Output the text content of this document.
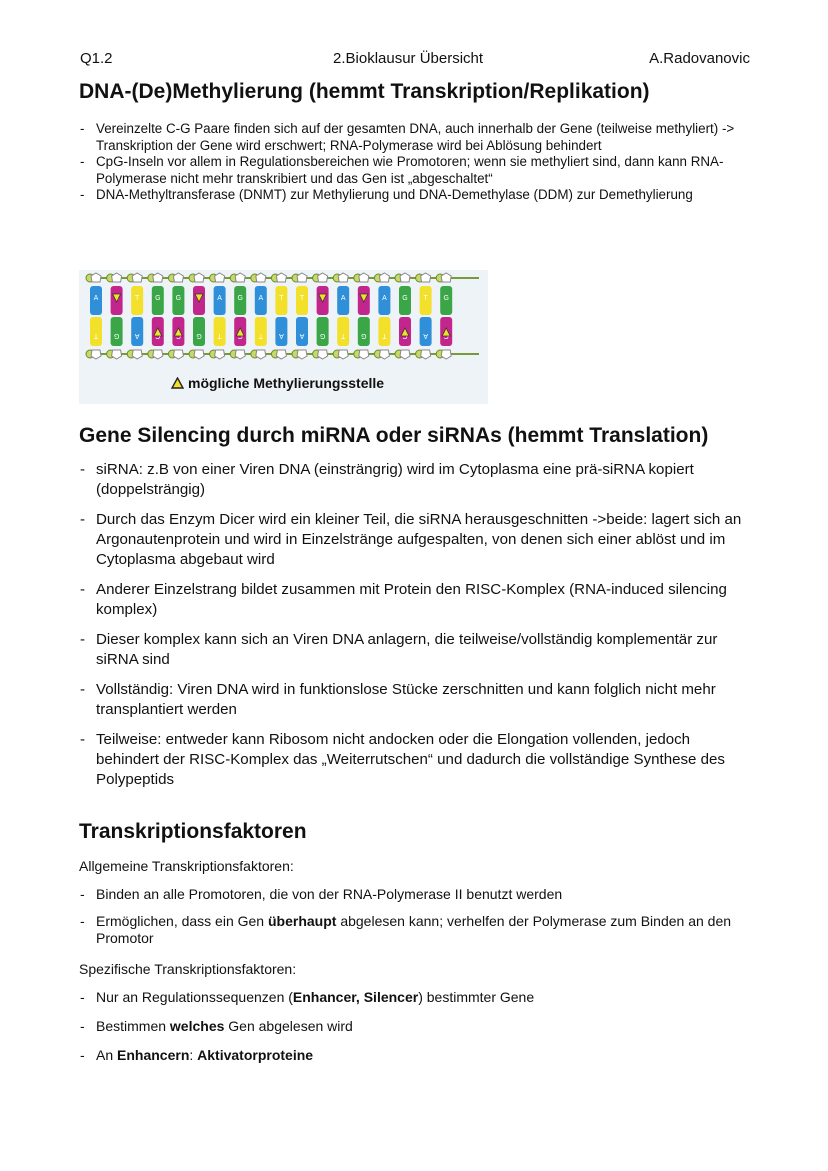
Q1.2	2.Bioklausur Übersicht	A.Radovanovic
DNA-(De)Methylierung (hemmt Transkription/Replikation)
- Vereinzelte C-G Paare finden sich auf der gesamten DNA, auch innerhalb der Gene (teilweise methyliert) -> Transkription der Gene wird erschwert; RNA-Polymerase wird bei Ablösung behindert
- CpG-Inseln vor allem in Regulationsbereichen wie Promotoren; wenn sie methyliert sind, dann kann RNA-Polymerase nicht mehr transkribiert und das Gen ist „abgeschaltet“
- DNA-Methyltransferase (DNMT) zur Methylierung und DNA-Demethylase (DDM) zur Demethylierung
A
T G
T
A
G G
G
A
T
G A
T
T
A
T
A G
A
T G
A
T
G T
A
G
mögliche Methylierungsstelle
Gene Silencing durch miRNA oder siRNAs (hemmt Translation)
- siRNA: z.B von einer Viren DNA (einsträngrig) wird im Cytoplasma eine prä-siRNA kopiert (doppelsträngig)
- Durch das Enzym Dicer wird ein kleiner Teil, die siRNA herausgeschnitten ->beide: lagert sich an Argonautenprotein und wird in Einzelstränge aufgespalten, von denen sich einer ablöst und im Cytoplasma abgebaut wird
- Anderer Einzelstrang bildet zusammen mit Protein den RISC-Komplex (RNA-induced silencing komplex)
- Dieser komplex kann sich an Viren DNA anlagern, die teilweise/vollständig komplementär zur siRNA sind
- Vollständig: Viren DNA wird in funktionslose Stücke zerschnitten und kann folglich nicht mehr transplantiert werden
- Teilweise: entweder kann Ribosom nicht andocken oder die Elongation vollenden, jedoch behindert der RISC-Komplex das „Weiterrutschen“ und dadurch die vollständige Synthese des Polypeptids
Transkriptionsfaktoren
Allgemeine Transkriptionsfaktoren:
- Binden an alle Promotoren, die von der RNA-Polymerase II benutzt werden
- Ermöglichen, dass ein Gen überhaupt abgelesen kann; verhelfen der Polymerase zum Binden an den Promotor
Spezifische Transkriptionsfaktoren:
- Nur an Regulationssequenzen (Enhancer, Silencer) bestimmter Gene
- Bestimmen welches Gen abgelesen wird
- An Enhancern: Aktivatorproteine
